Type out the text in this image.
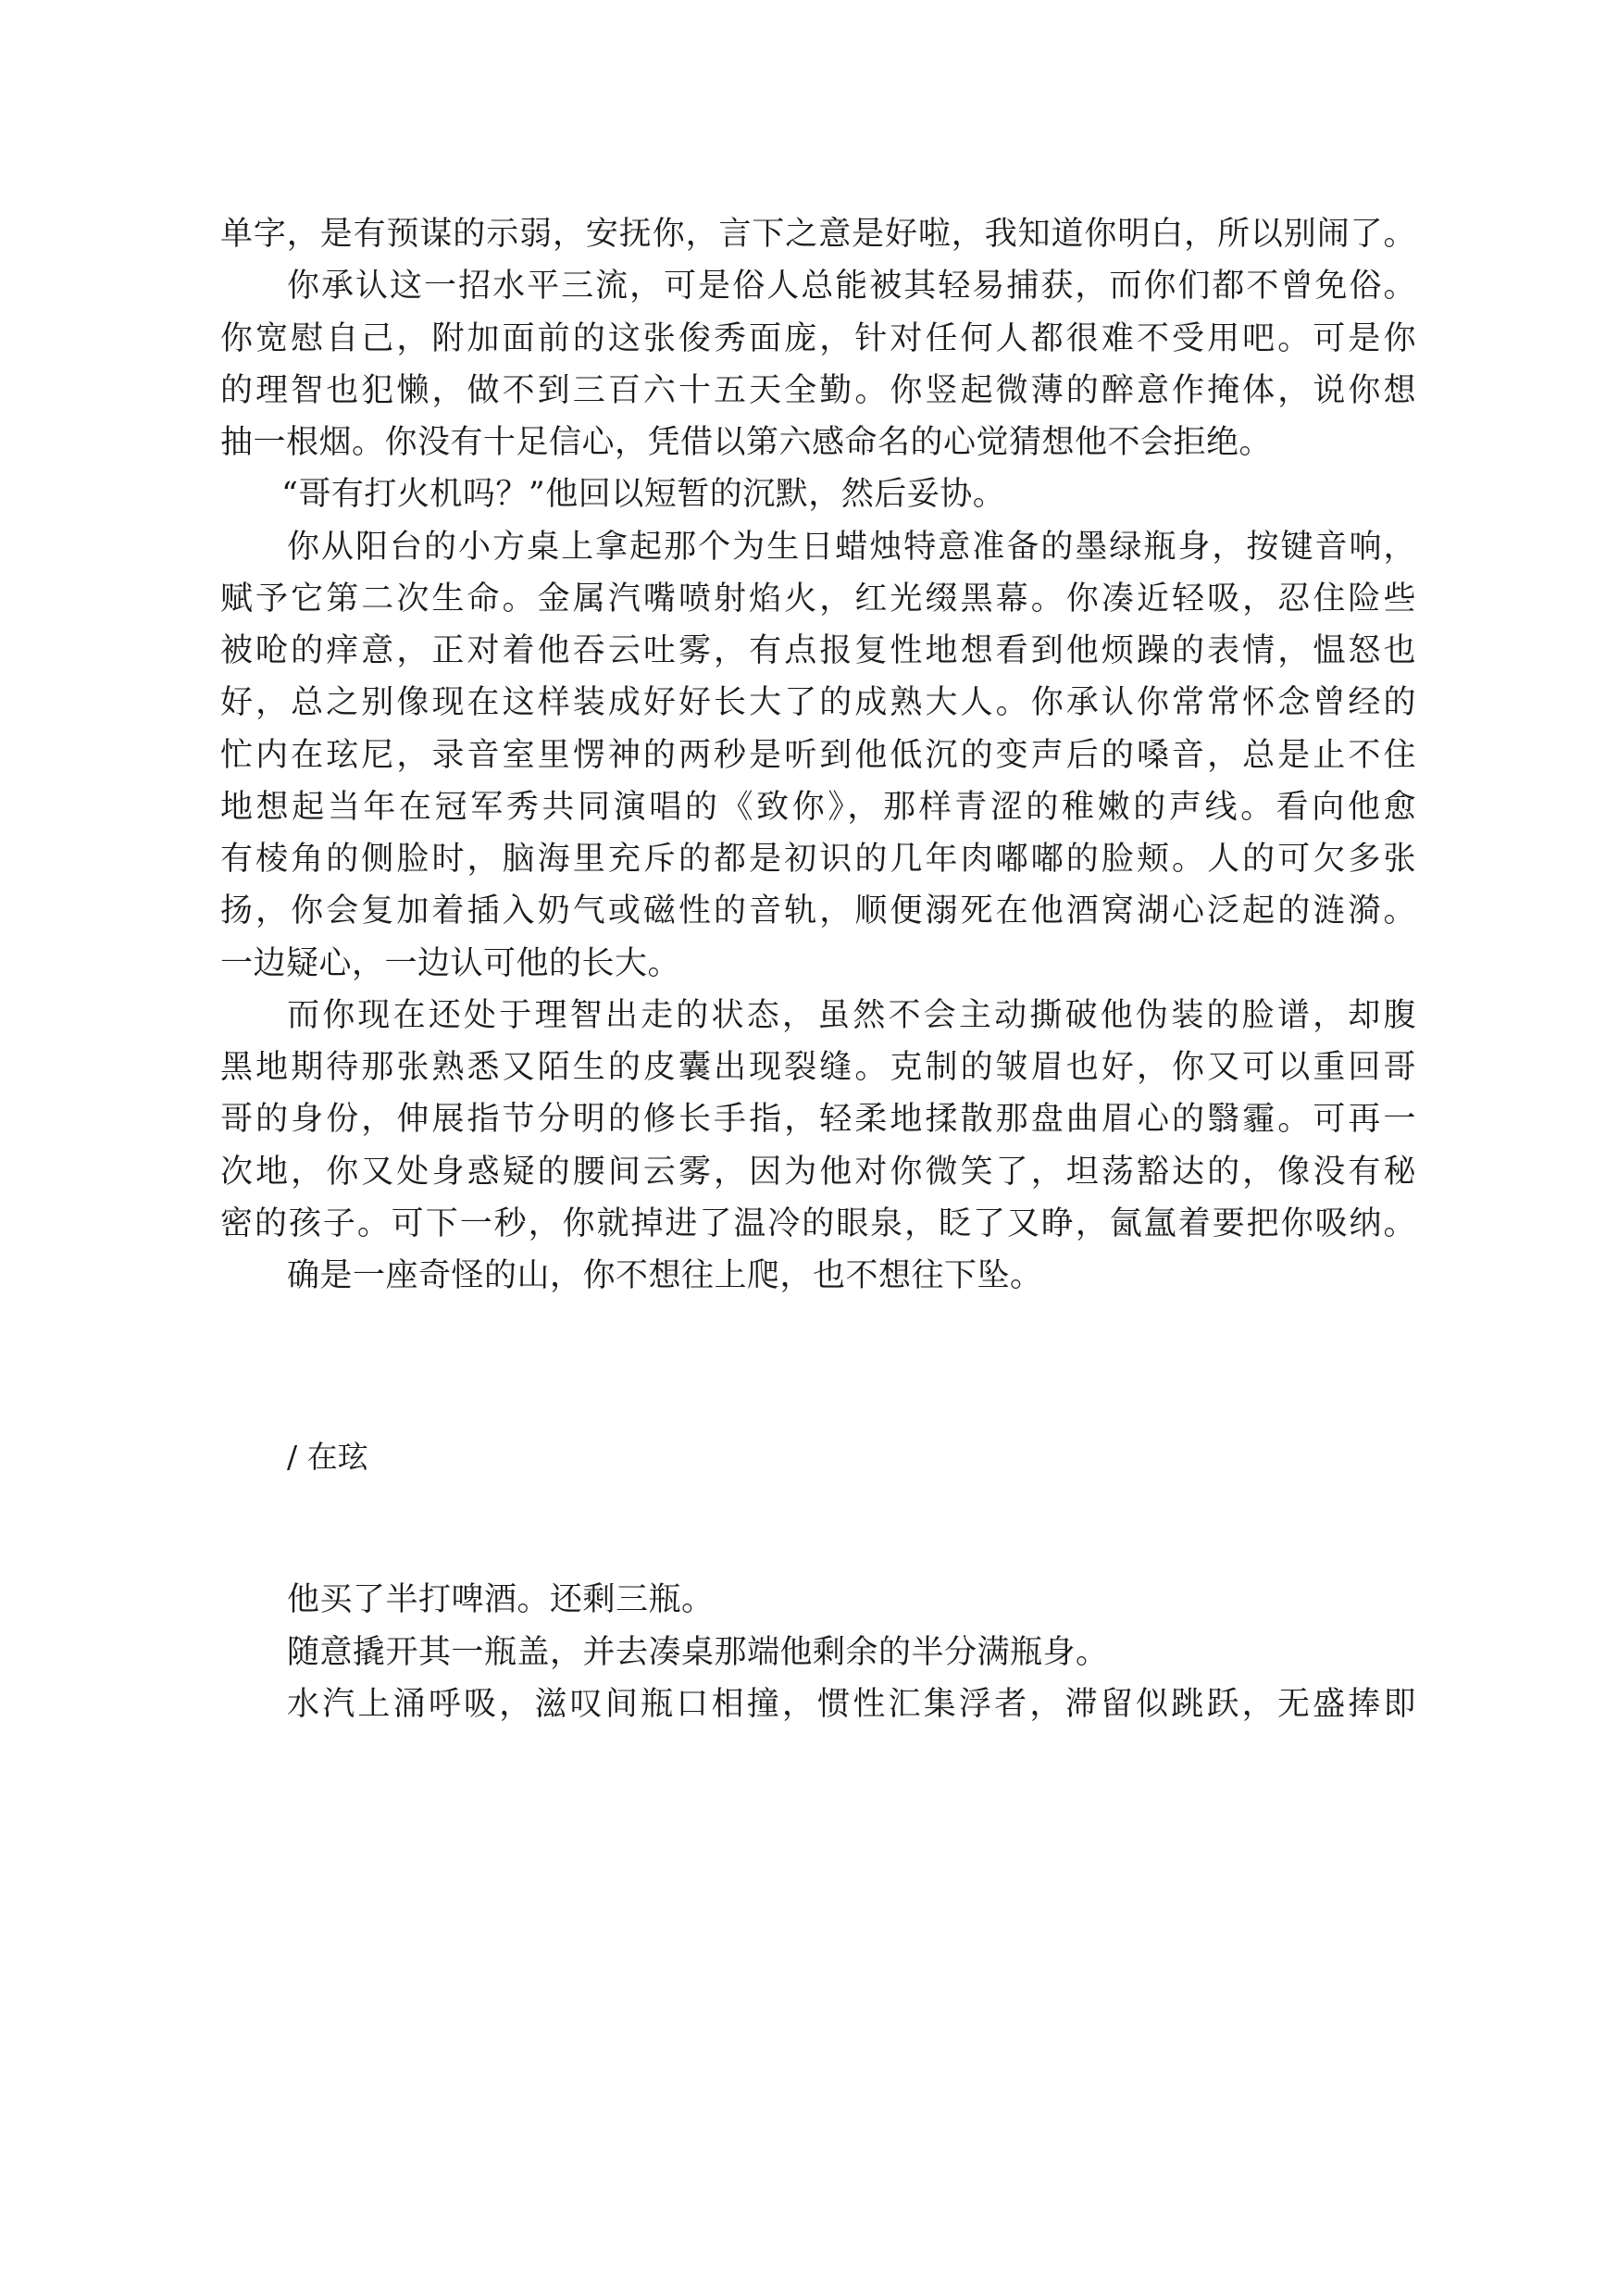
单字，是有预谋的示弱，安抚你，言下之意是好啦，我知道你明白，所以别闹了。
你承认这一招水平三流，可是俗人总能被其轻易捕获，而你们都不曾免俗。
你宽慰自己，附加面前的这张俊秀面庞，针对任何人都很难不受用吧。可是你
的理智也犯懒，做不到三百六十五天全勤。你竖起微薄的醉意作掩体，说你想
抽一根烟。你没有十足信心，凭借以第六感命名的心觉猜想他不会拒绝。
“哥有打火机吗？”他回以短暂的沉默，然后妥协。
你从阳台的小方桌上拿起那个为生日蜡烛特意准备的墨绿瓶身，按键音响，
赋予它第二次生命。金属汽嘴喷射焰火，红光缀黑幕。你凑近轻吸，忍住险些
被呛的痒意，正对着他吞云吐雾，有点报复性地想看到他烦躁的表情，愠怒也
好，总之别像现在这样装成好好长大了的成熟大人。你承认你常常怀念曾经的
忙内在玹尼，录音室里愣神的两秒是听到他低沉的变声后的嗓音，总是止不住
地想起当年在冠军秀共同演唱的《致你》，那样青涩的稚嫩的声线。看向他愈
有棱角的侧脸时，脑海里充斥的都是初识的几年肉嘟嘟的脸颊。人的可欠多张
扬，你会复加着插入奶气或磁性的音轨，顺便溺死在他酒窝湖心泛起的涟漪。
一边疑心，一边认可他的长大。
而你现在还处于理智出走的状态，虽然不会主动撕破他伪装的脸谱，却腹
黑地期待那张熟悉又陌生的皮囊出现裂缝。克制的皱眉也好，你又可以重回哥
哥的身份，伸展指节分明的修长手指，轻柔地揉散那盘曲眉心的翳霾。可再一
次地，你又处身惑疑的腰间云雾，因为他对你微笑了，坦荡豁达的，像没有秘
密的孩子。可下一秒，你就掉进了温冷的眼泉，眨了又睁，氤氲着要把你吸纳。
确是一座奇怪的山，你不想往上爬，也不想往下坠。
/ 在玹
他买了半打啤酒。还剩三瓶。
随意撬开其一瓶盖，并去凑桌那端他剩余的半分满瓶身。
水汽上涌呼吸，滋叹间瓶口相撞，惯性汇集浮者，滞留似跳跃，无盛捧即
